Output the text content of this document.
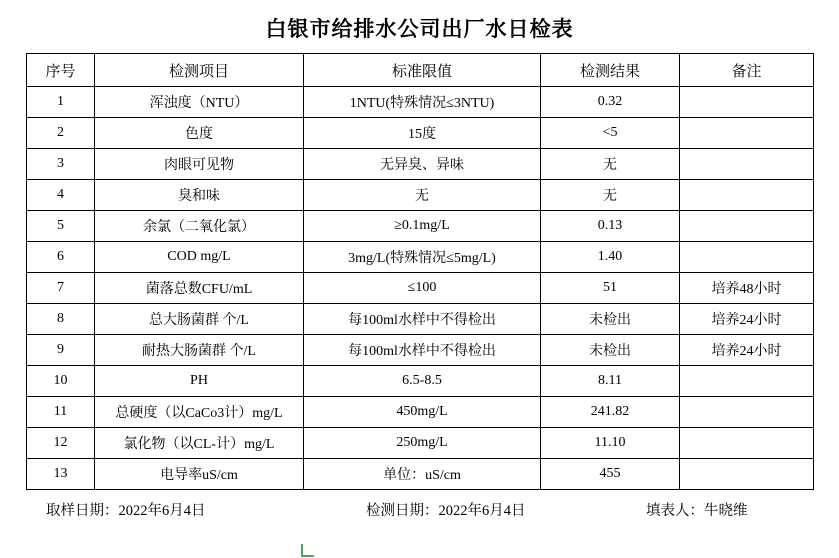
白银市给排水公司出厂水日检表
序号	检测项目	标准限值	检测结果	备注
1	浑浊度（NTU）	1NTU(特殊情况≤3NTU)	0.32	
2	色度	15度	<5	
3	肉眼可见物	无异臭、异味	无	
4	臭和味	无	无	
5	余氯（二氧化氯）	≥0.1mg/L	0.13	
6	COD mg/L	3mg/L(特殊情况≤5mg/L)	1.40	
7	菌落总数CFU/mL	≤100	51	培养48小时
8	总大肠菌群 个/L	每100ml水样中不得检出	未检出	培养24小时
9	耐热大肠菌群 个/L	每100ml水样中不得检出	未检出	培养24小时
10	PH	6.5-8.5	8.11	
11	总硬度（以CaCo3计）mg/L	450mg/L	241.82	
12	氯化物（以CL-计）mg/L	250mg/L	11.10	
13	电导率uS/cm	单位：uS/cm	455	
取样日期：2022年6月4日	检测日期：2022年6月4日	填表人：牛晓维
